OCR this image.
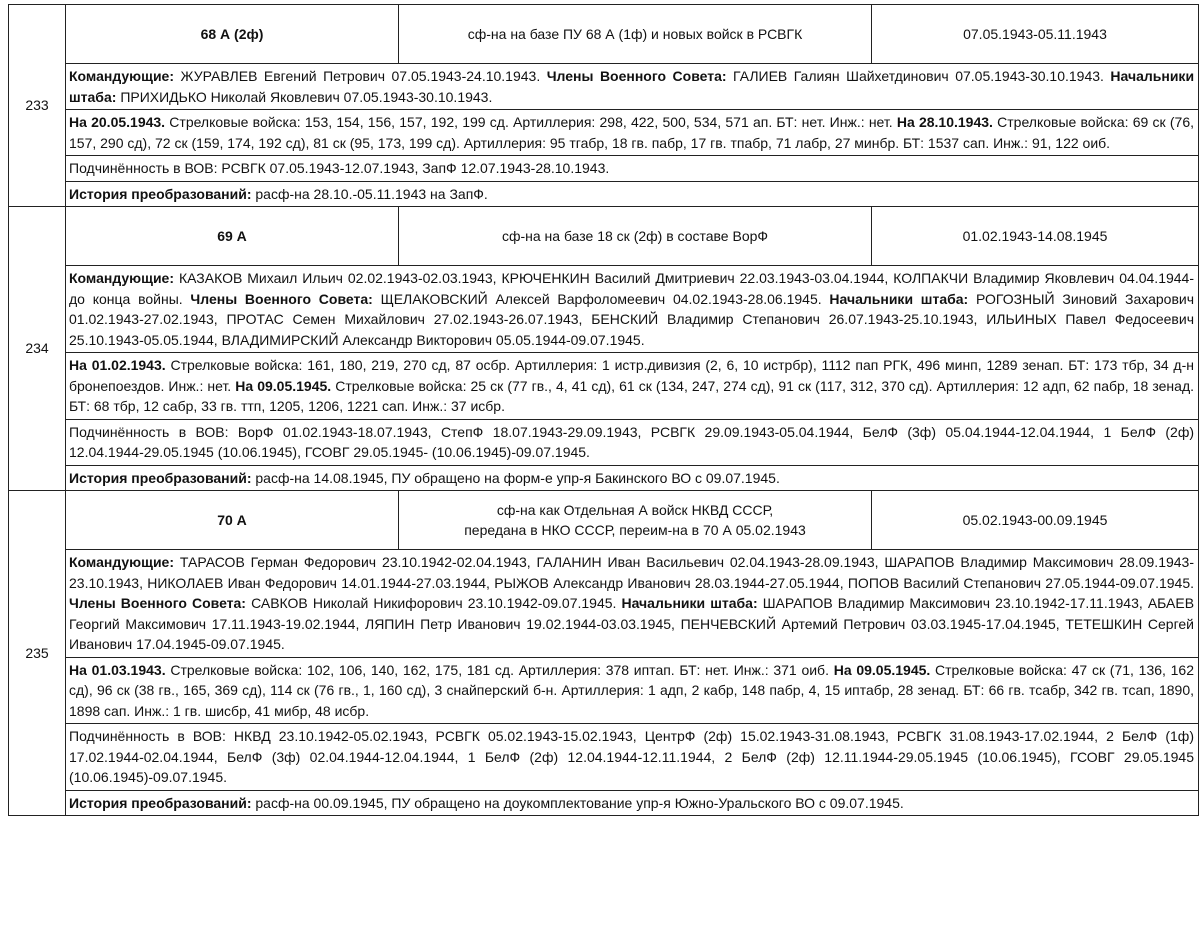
233	68 А (2ф)	сф-на на базе ПУ 68 А (1ф) и новых войск в РСВГК	07.05.1943-05.11.1943
	Командующие: ЖУРАВЛЕВ Евгений Петрович 07.05.1943-24.10.1943. Члены Военного Совета: ГАЛИЕВ Галиян Шайхетдинович 07.05.1943-30.10.1943. Начальники штаба: ПРИХИДЬКО Николай Яковлевич 07.05.1943-30.10.1943.		
	На 20.05.1943. Стрелковые войска: 153, 154, 156, 157, 192, 199 сд. Артиллерия: 298, 422, 500, 534, 571 ап. БТ: нет. Инж.: нет. На 28.10.1943. Стрелковые войска: 69 ск (76, 157, 290 сд), 72 ск (159, 174, 192 сд), 81 ск (95, 173, 199 сд). Артиллерия: 95 тгабр, 18 гв. пабр, 17 гв. тпабр, 71 лабр, 27 минбр. БТ: 1537 сап. Инж.: 91, 122 оиб.		
	Подчинённость в ВОВ: РСВГК 07.05.1943-12.07.1943, ЗапФ 12.07.1943-28.10.1943.		
	История преобразований: расф-на 28.10.-05.11.1943 на ЗапФ.		
234	69 А	сф-на на базе 18 ск (2ф) в составе ВорФ	01.02.1943-14.08.1945
	Командующие: КАЗАКОВ Михаил Ильич 02.02.1943-02.03.1943, КРЮЧЕНКИН Василий Дмитриевич 22.03.1943-03.04.1944, КОЛПАКЧИ Владимир Яковлевич 04.04.1944-до конца войны. Члены Военного Совета: ЩЕЛАКОВСКИЙ Алексей Варфоломеевич 04.02.1943-28.06.1945. Начальники штаба: РОГОЗНЫЙ Зиновий Захарович 01.02.1943-27.02.1943, ПРОТАС Семен Михайлович 27.02.1943-26.07.1943, БЕНСКИЙ Владимир Степанович 26.07.1943-25.10.1943, ИЛЬИНЫХ Павел Федосеевич 25.10.1943-05.05.1944, ВЛАДИМИРСКИЙ Александр Викторович 05.05.1944-09.07.1945.		
	На 01.02.1943. Стрелковые войска: 161, 180, 219, 270 сд, 87 осбр. Артиллерия: 1 истр.дивизия (2, 6, 10 истрбр), 1112 пап РГК, 496 минп, 1289 зенап. БТ: 173 тбр, 34 д-н бронепоездов. Инж.: нет. На 09.05.1945. Стрелковые войска: 25 ск (77 гв., 4, 41 сд), 61 ск (134, 247, 274 сд), 91 ск (117, 312, 370 сд). Артиллерия: 12 адп, 62 пабр, 18 зенад. БТ: 68 тбр, 12 сабр, 33 гв. ттп, 1205, 1206, 1221 сап. Инж.: 37 исбр.		
	Подчинённость в ВОВ: ВорФ 01.02.1943-18.07.1943, СтепФ 18.07.1943-29.09.1943, РСВГК 29.09.1943-05.04.1944, БелФ (3ф) 05.04.1944-12.04.1944, 1 БелФ (2ф) 12.04.1944-29.05.1945 (10.06.1945), ГСОВГ 29.05.1945- (10.06.1945)-09.07.1945.		
	История преобразований: расф-на 14.08.1945, ПУ обращено на форм-е упр-я Бакинского ВО с 09.07.1945.		
235	70 А	сф-на как Отдельная А войск НКВД СССР,
передана в НКО СССР, переим-на в 70 А 05.02.1943	05.02.1943-00.09.1945
	Командующие: ТАРАСОВ Герман Федорович 23.10.1942-02.04.1943, ГАЛАНИН Иван Васильевич 02.04.1943-28.09.1943, ШАРАПОВ Владимир Максимович 28.09.1943-23.10.1943, НИКОЛАЕВ Иван Федорович 14.01.1944-27.03.1944, РЫЖОВ Александр Иванович 28.03.1944-27.05.1944, ПОПОВ Василий Степанович 27.05.1944-09.07.1945. Члены Военного Совета: САВКОВ Николай Никифорович 23.10.1942-09.07.1945. Начальники штаба: ШАРАПОВ Владимир Максимович 23.10.1942-17.11.1943, АБАЕВ Георгий Максимович 17.11.1943-19.02.1944, ЛЯПИН Петр Иванович 19.02.1944-03.03.1945, ПЕНЧЕВСКИЙ Артемий Петрович 03.03.1945-17.04.1945, ТЕТЕШКИН Сергей Иванович 17.04.1945-09.07.1945.		
	На 01.03.1943. Стрелковые войска: 102, 106, 140, 162, 175, 181 сд. Артиллерия: 378 иптап. БТ: нет. Инж.: 371 оиб. На 09.05.1945. Стрелковые войска: 47 ск (71, 136, 162 сд), 96 ск (38 гв., 165, 369 сд), 114 ск (76 гв., 1, 160 сд), 3 снайперский б-н. Артиллерия: 1 адп, 2 кабр, 148 пабр, 4, 15 иптабр, 28 зенад. БТ: 66 гв. тсабр, 342 гв. тсап, 1890, 1898 сап. Инж.: 1 гв. шисбр, 41 мибр, 48 исбр.		
	Подчинённость в ВОВ: НКВД 23.10.1942-05.02.1943, РСВГК 05.02.1943-15.02.1943, ЦентрФ (2ф) 15.02.1943-31.08.1943, РСВГК 31.08.1943-17.02.1944, 2 БелФ (1ф) 17.02.1944-02.04.1944, БелФ (3ф) 02.04.1944-12.04.1944, 1 БелФ (2ф) 12.04.1944-12.11.1944, 2 БелФ (2ф) 12.11.1944-29.05.1945 (10.06.1945), ГСОВГ 29.05.1945 (10.06.1945)-09.07.1945.		
	История преобразований: расф-на 00.09.1945, ПУ обращено на доукомплектование упр-я Южно-Уральского ВО с 09.07.1945.		
